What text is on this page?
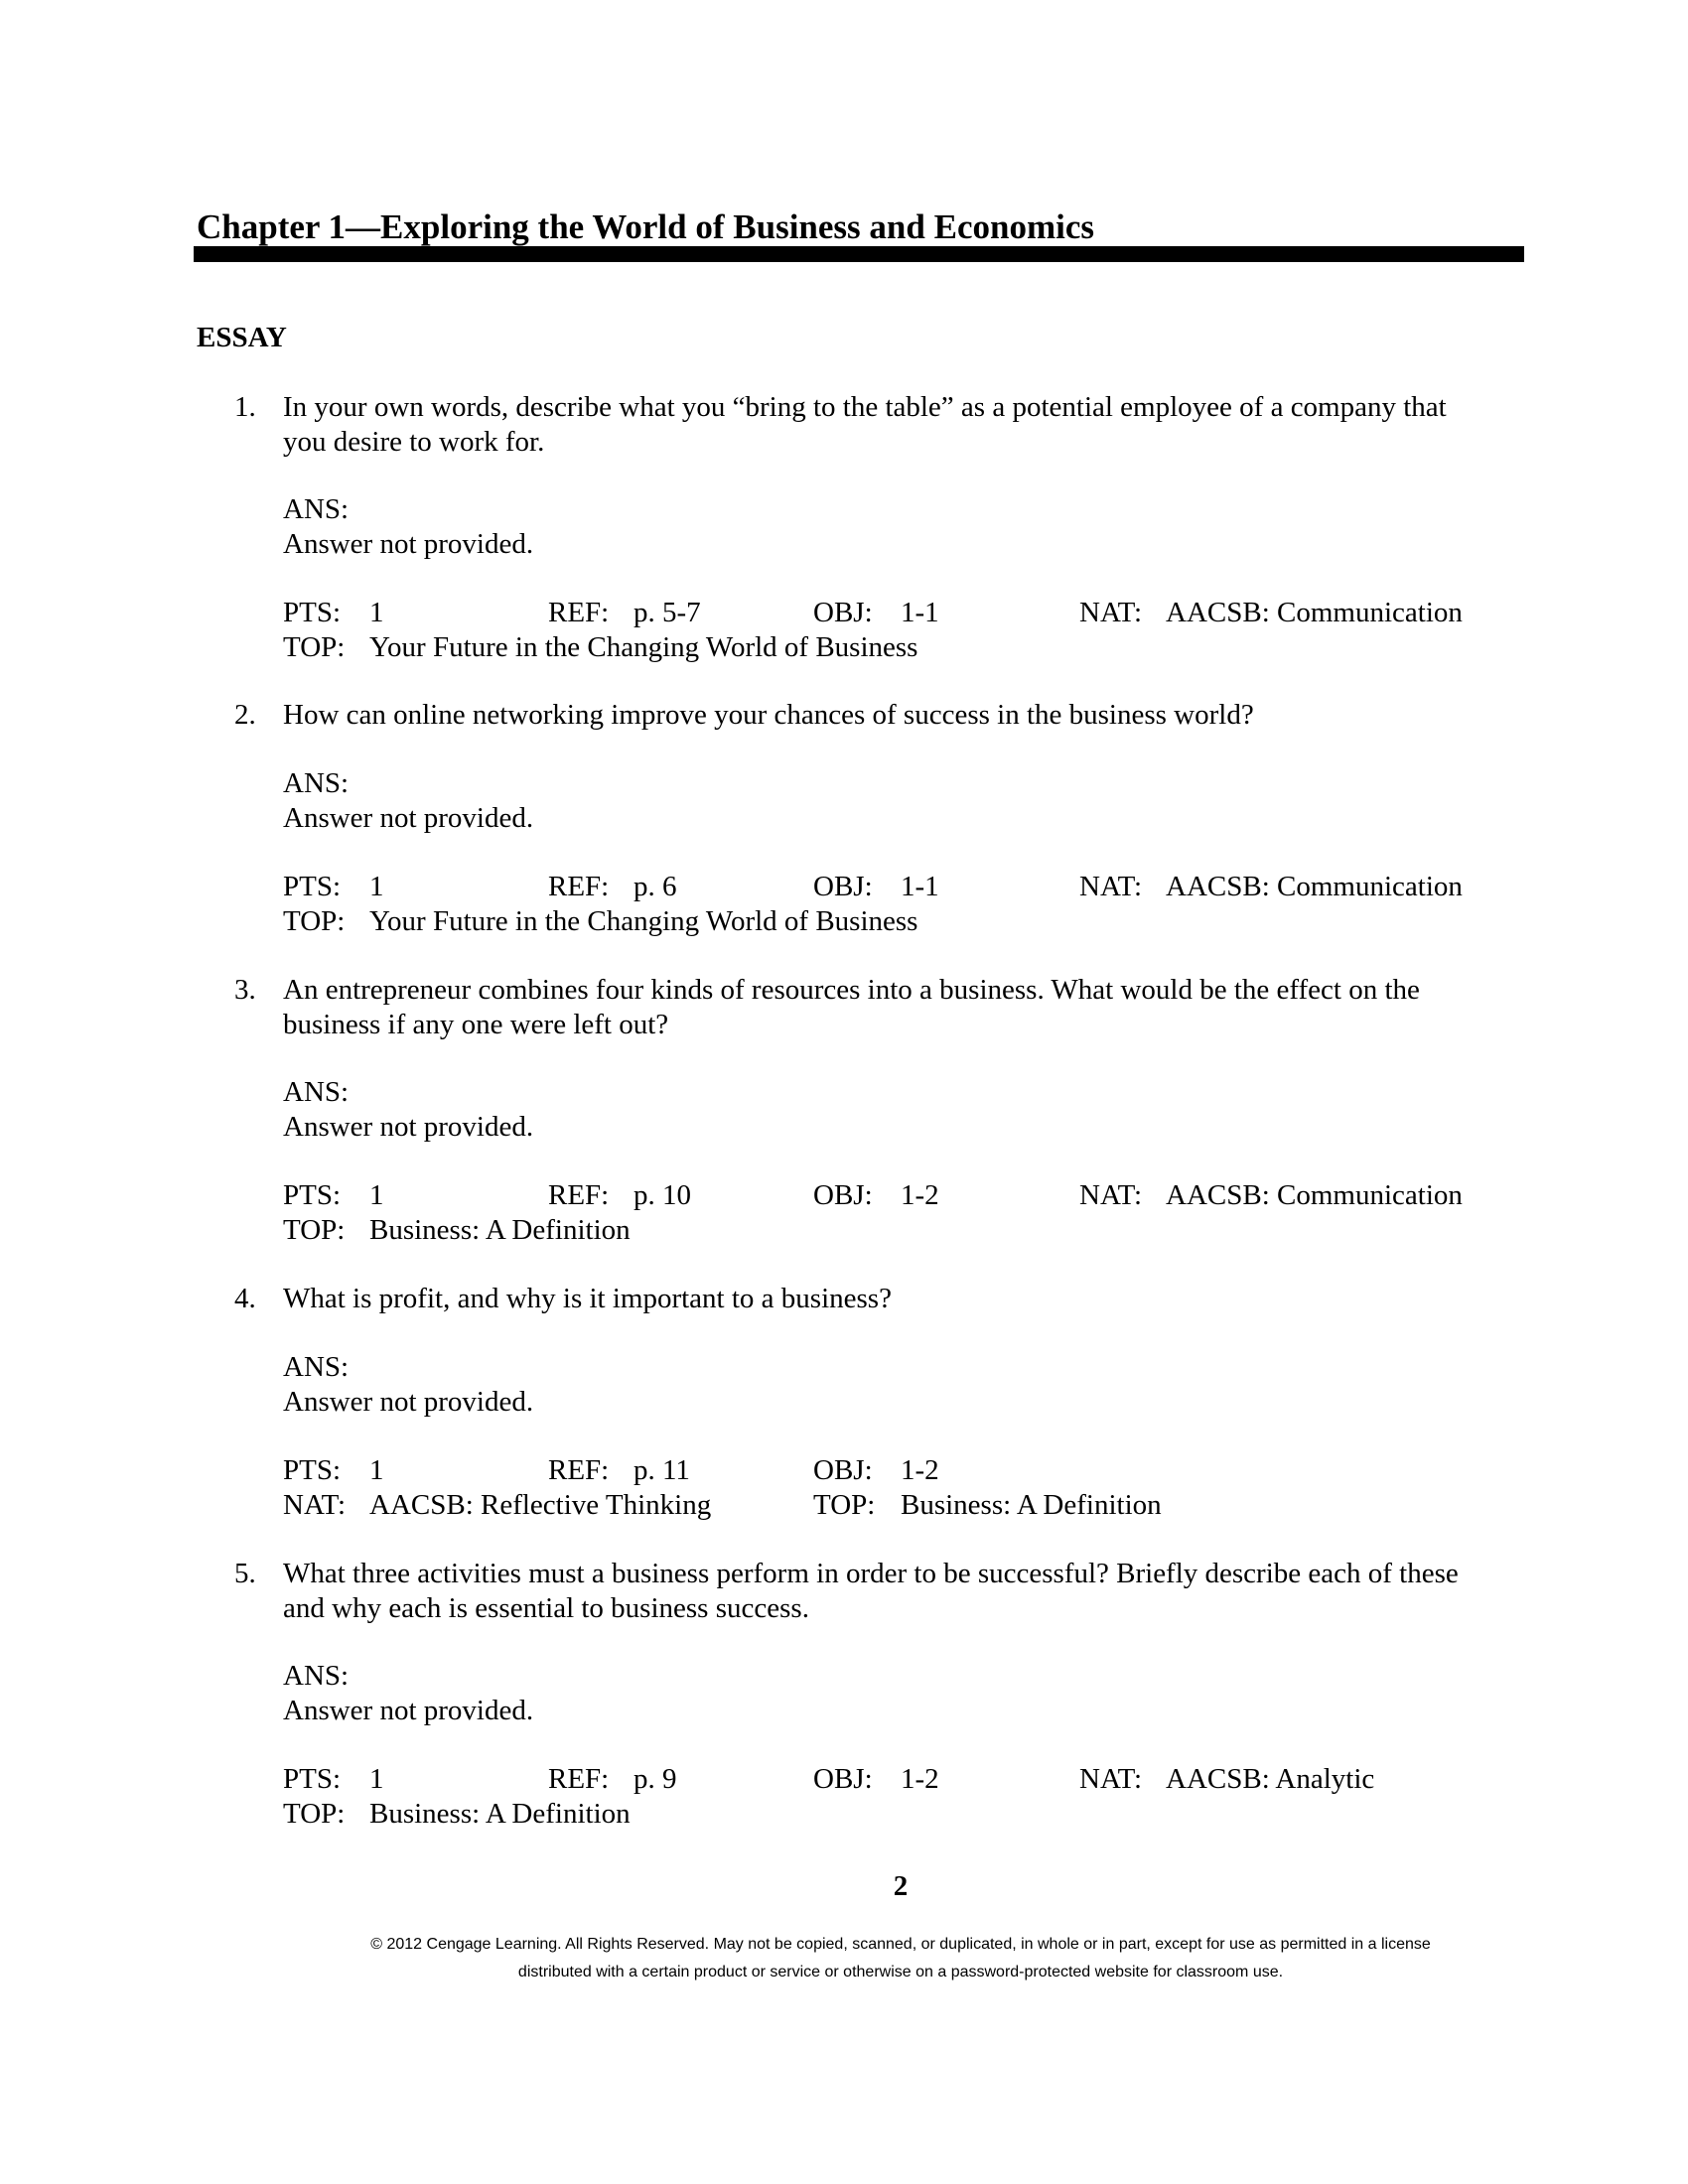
Chapter 1—Exploring the World of Business and Economics
ESSAY
1. In your own words, describe what you “bring to the table” as a potential employee of a company that
you desire to work for.
ANS:
Answer not provided.
PTS: 1	REF: p. 5-7	OBJ: 1-1	NAT: AACSB: Communication
TOP: Your Future in the Changing World of Business
2. How can online networking improve your chances of success in the business world?
ANS:
Answer not provided.
PTS: 1	REF: p. 6	OBJ: 1-1	NAT: AACSB: Communication
TOP: Your Future in the Changing World of Business
3. An entrepreneur combines four kinds of resources into a business. What would be the effect on the
business if any one were left out?
ANS:
Answer not provided.
PTS: 1	REF: p. 10	OBJ: 1-2	NAT: AACSB: Communication
TOP: Business: A Definition
4. What is profit, and why is it important to a business?
ANS:
Answer not provided.
PTS: 1	REF: p. 11	OBJ: 1-2
NAT: AACSB: Reflective Thinking	TOP: Business: A Definition
5. What three activities must a business perform in order to be successful? Briefly describe each of these
and why each is essential to business success.
ANS:
Answer not provided.
PTS: 1	REF: p. 9	OBJ: 1-2	NAT: AACSB: Analytic
TOP: Business: A Definition
2
© 2012 Cengage Learning. All Rights Reserved. May not be copied, scanned, or duplicated, in whole or in part, except for use as permitted in a license
distributed with a certain product or service or otherwise on a password-protected website for classroom use.
